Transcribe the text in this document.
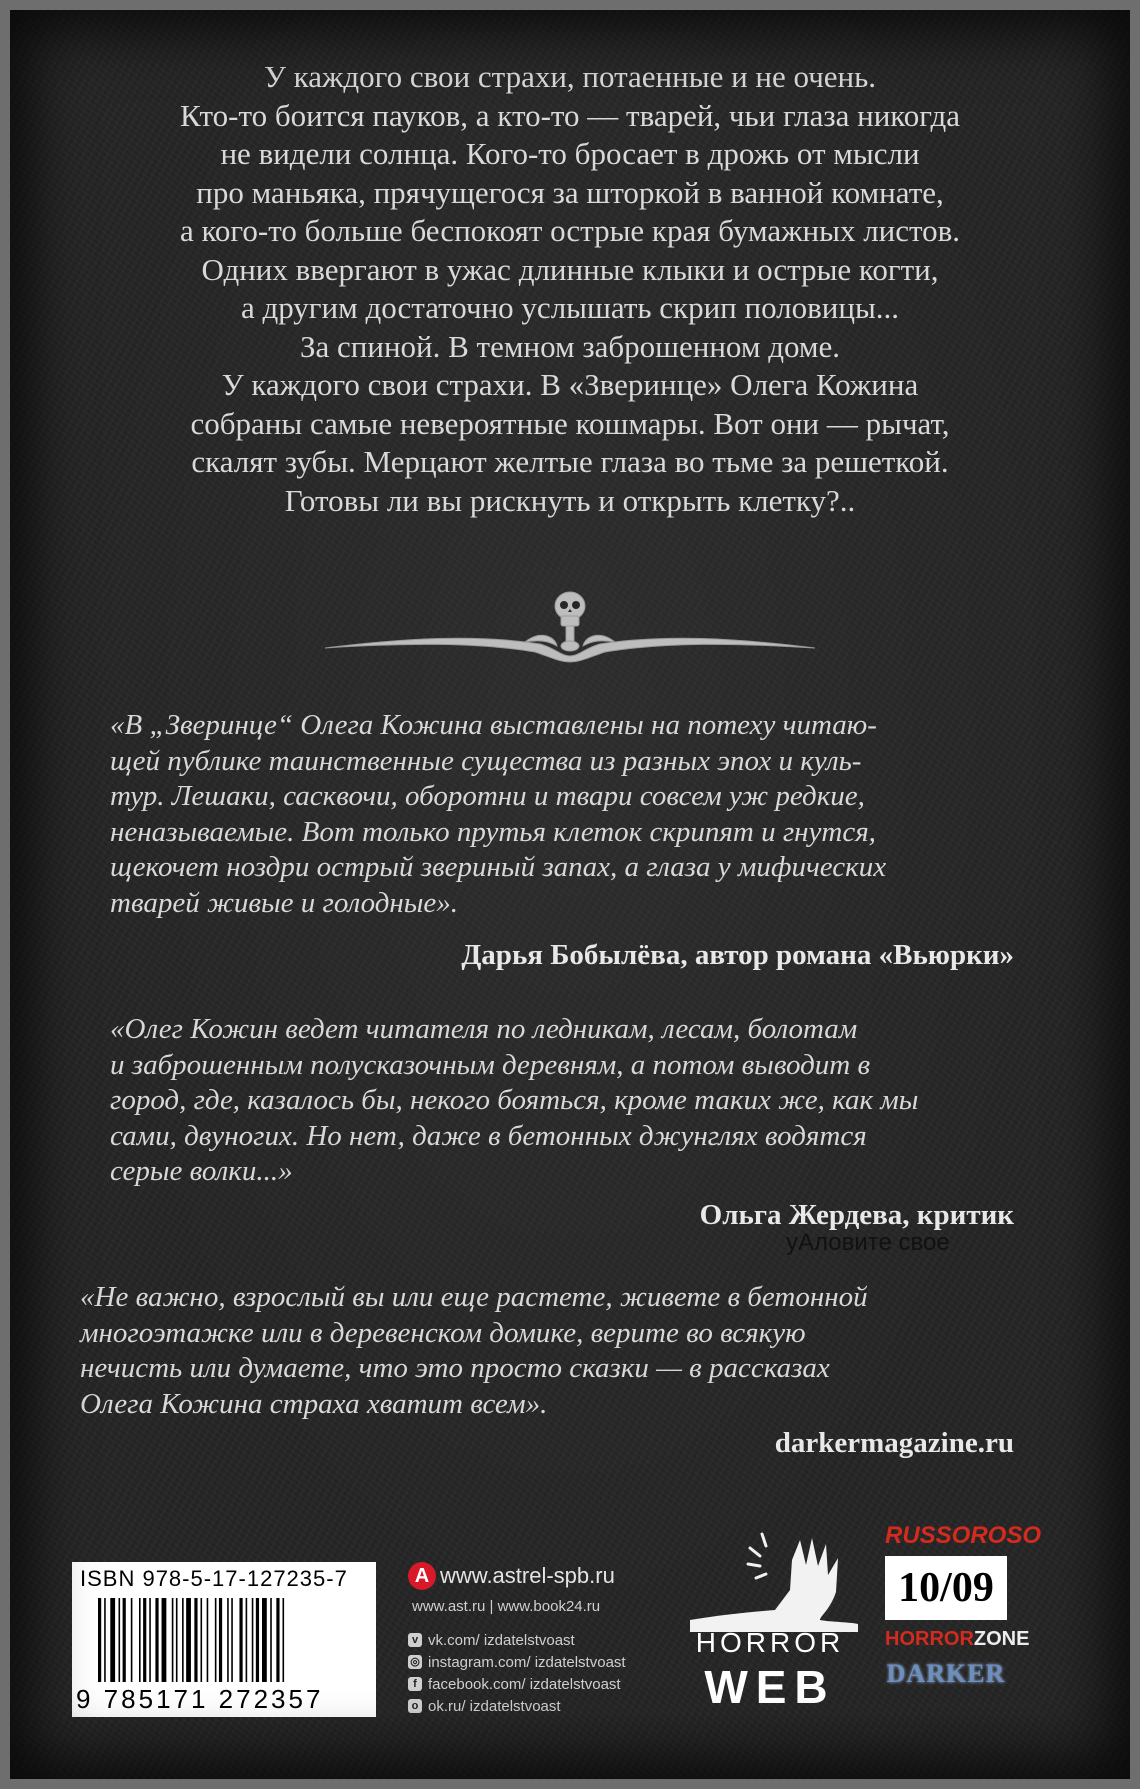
У каждого свои страхи, потаенные и не очень.
Кто-то боится пауков, а кто-то — тварей, чьи глаза никогда
не видели солнца. Кого-то бросает в дрожь от мысли
про маньяка, прячущегося за шторкой в ванной комнате,
а кого-то больше беспокоят острые края бумажных листов.
Одних ввергают в ужас длинные клыки и острые когти,
а другим достаточно услышать скрип половицы...
За спиной. В темном заброшенном доме.
У каждого свои страхи. В «Зверинце» Олега Кожина
собраны самые невероятные кошмары. Вот они — рычат,
скалят зубы. Мерцают желтые глаза во тьме за решеткой.
Готовы ли вы рискнуть и открыть клетку?..
«В „Зверинце“ Олега Кожина выставлены на потеху читаю-
щей публике таинственные существа из разных эпох и куль-
тур. Лешаки, сасквочи, оборотни и твари совсем уж редкие,
неназываемые. Вот только прутья клеток скрипят и гнутся,
щекочет ноздри острый звериный запах, а глаза у мифических
тварей живые и голодные».
Дарья Бобылёва, автор романа «Вьюрки»
«Олег Кожин ведет читателя по ледникам, лесам, болотам
и заброшенным полусказочным деревням, а потом выводит в
город, где, казалось бы, некого бояться, кроме таких же, как мы
сами, двуногих. Но нет, даже в бетонных джунглях водятся
серые волки...»
Ольга Жердева, критик
уАловите свое
«Не важно, взрослый вы или еще растете, живете в бетонной
многоэтажке или в деревенском домике, верите во всякую
нечисть или думаете, что это просто сказки — в рассказах
Олега Кожина страха хватит всем».
darkermagazine.ru
ISBN 978-5-17-127235-7
9 785171 272357
A www.astrel-spb.ru
www.ast.ru | www.book24.ru
v vk.com/ izdatelstvoast
◎ instagram.com/ izdatelstvoast
f facebook.com/ izdatelstvoast
o ok.ru/ izdatelstvoast
HORROR
WEB
RUSSOROSO
10/09
HORRORZONE
DARKER
